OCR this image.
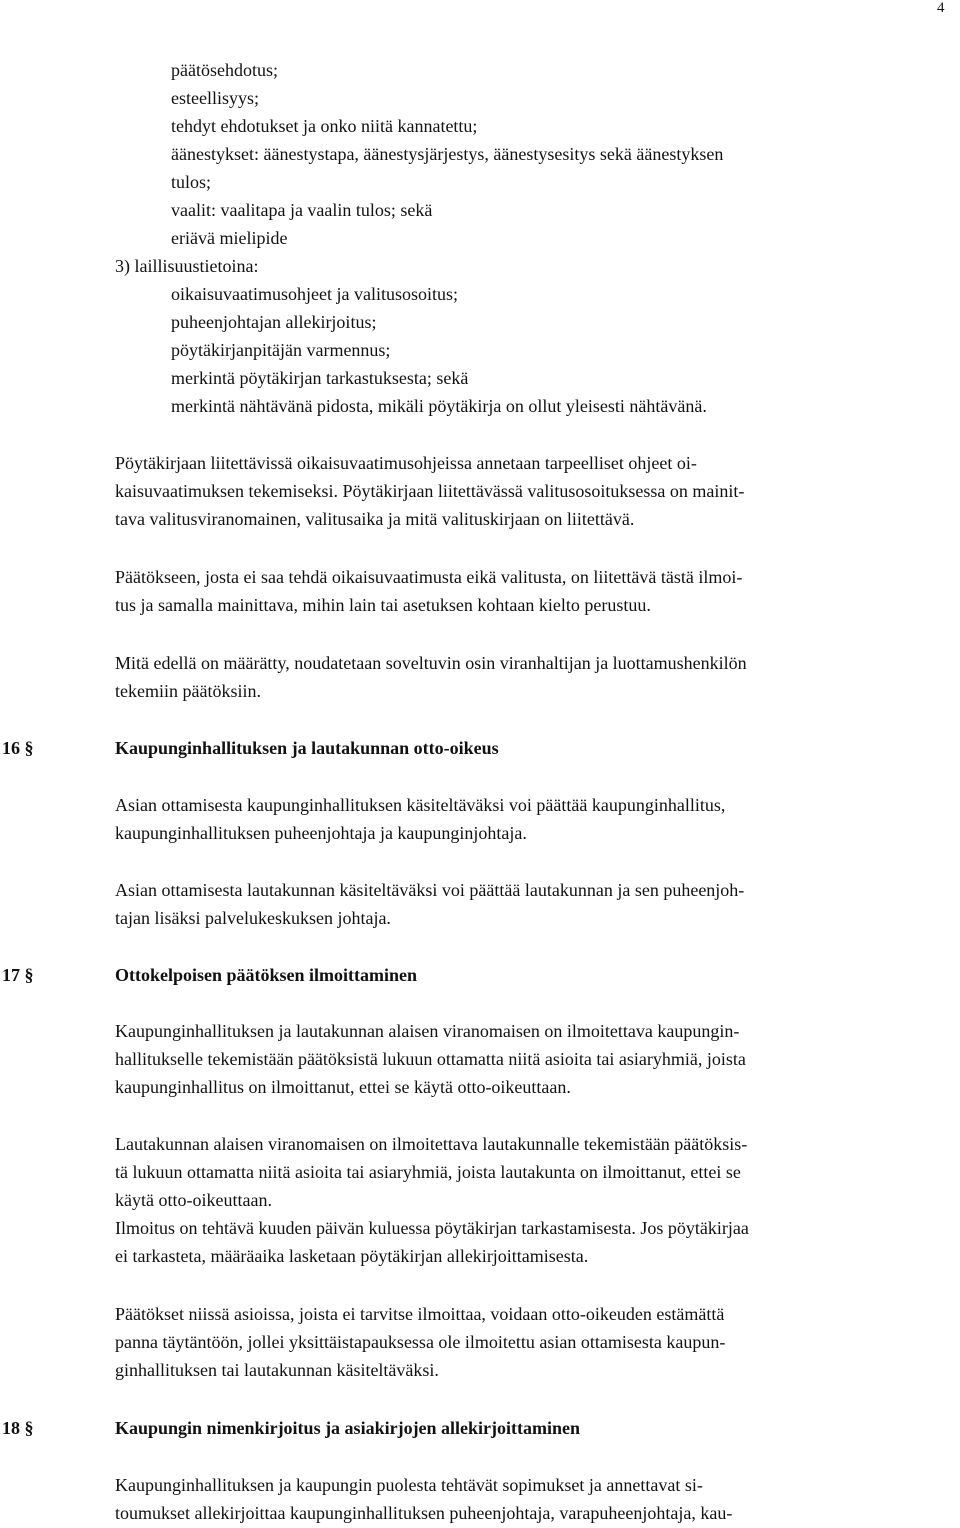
4

päätösehdotus;

esteellisyys;

tehdyt ehdotukset ja onko niitä kannatettu;

äänestykset: äänestystapa, äänestysjärjestys, äänestysesitys sekä äänestyksen

tulos;

vaalit: vaalitapa ja vaalin tulos; sekä

eriävä mielipide

3) laillisuustietoina:

oikaisuvaatimusohjeet ja valitusosoitus;

puheenjohtajan allekirjoitus;

pöytäkirjanpitäjän varmennus;

merkintä pöytäkirjan tarkastuksesta; sekä

merkintä nähtävänä pidosta, mikäli pöytäkirja on ollut yleisesti nähtävänä.

Pöytäkirjaan liitettävissä oikaisuvaatimusohjeissa annetaan tarpeelliset ohjeet oi-

kaisuvaatimuksen tekemiseksi. Pöytäkirjaan liitettävässä valitusosoituksessa on mainit-

tava valitusviranomainen, valitusaika ja mitä valituskirjaan on liitettävä.

Päätökseen, josta ei saa tehdä oikaisuvaatimusta eikä valitusta, on liitettävä tästä ilmoi-

tus ja samalla mainittava, mihin lain tai asetuksen kohtaan kielto perustuu.

Mitä edellä on määrätty, noudatetaan soveltuvin osin viranhaltijan ja luottamushenkilön

tekemiin päätöksiin.

16 §	Kaupunginhallituksen ja lautakunnan otto-oikeus

Asian ottamisesta kaupunginhallituksen käsiteltäväksi voi päättää kaupunginhallitus,

kaupunginhallituksen puheenjohtaja ja kaupunginjohtaja.

Asian ottamisesta lautakunnan käsiteltäväksi voi päättää lautakunnan ja sen puheenjoh-

tajan lisäksi palvelukeskuksen johtaja.

17 §	Ottokelpoisen päätöksen ilmoittaminen

Kaupunginhallituksen ja lautakunnan alaisen viranomaisen on ilmoitettava kaupungin-

hallitukselle tekemistään päätöksistä lukuun ottamatta niitä asioita tai asiaryhmiä, joista

kaupunginhallitus on ilmoittanut, ettei se käytä otto-oikeuttaan.

Lautakunnan alaisen viranomaisen on ilmoitettava lautakunnalle tekemistään päätöksis-

tä lukuun ottamatta niitä asioita tai asiaryhmiä, joista lautakunta on ilmoittanut, ettei se

käytä otto-oikeuttaan.

Ilmoitus on tehtävä kuuden päivän kuluessa pöytäkirjan tarkastamisesta. Jos pöytäkirjaa

ei tarkasteta, määräaika lasketaan pöytäkirjan allekirjoittamisesta.

Päätökset niissä asioissa, joista ei tarvitse ilmoittaa, voidaan otto-oikeuden estämättä

panna täytäntöön, jollei yksittäistapauksessa ole ilmoitettu asian ottamisesta kaupun-

ginhallituksen tai lautakunnan käsiteltäväksi.

18 §	Kaupungin nimenkirjoitus ja asiakirjojen allekirjoittaminen

Kaupunginhallituksen ja kaupungin puolesta tehtävät sopimukset ja annettavat si-

toumukset allekirjoittaa kaupunginhallituksen puheenjohtaja, varapuheenjohtaja, kau-
